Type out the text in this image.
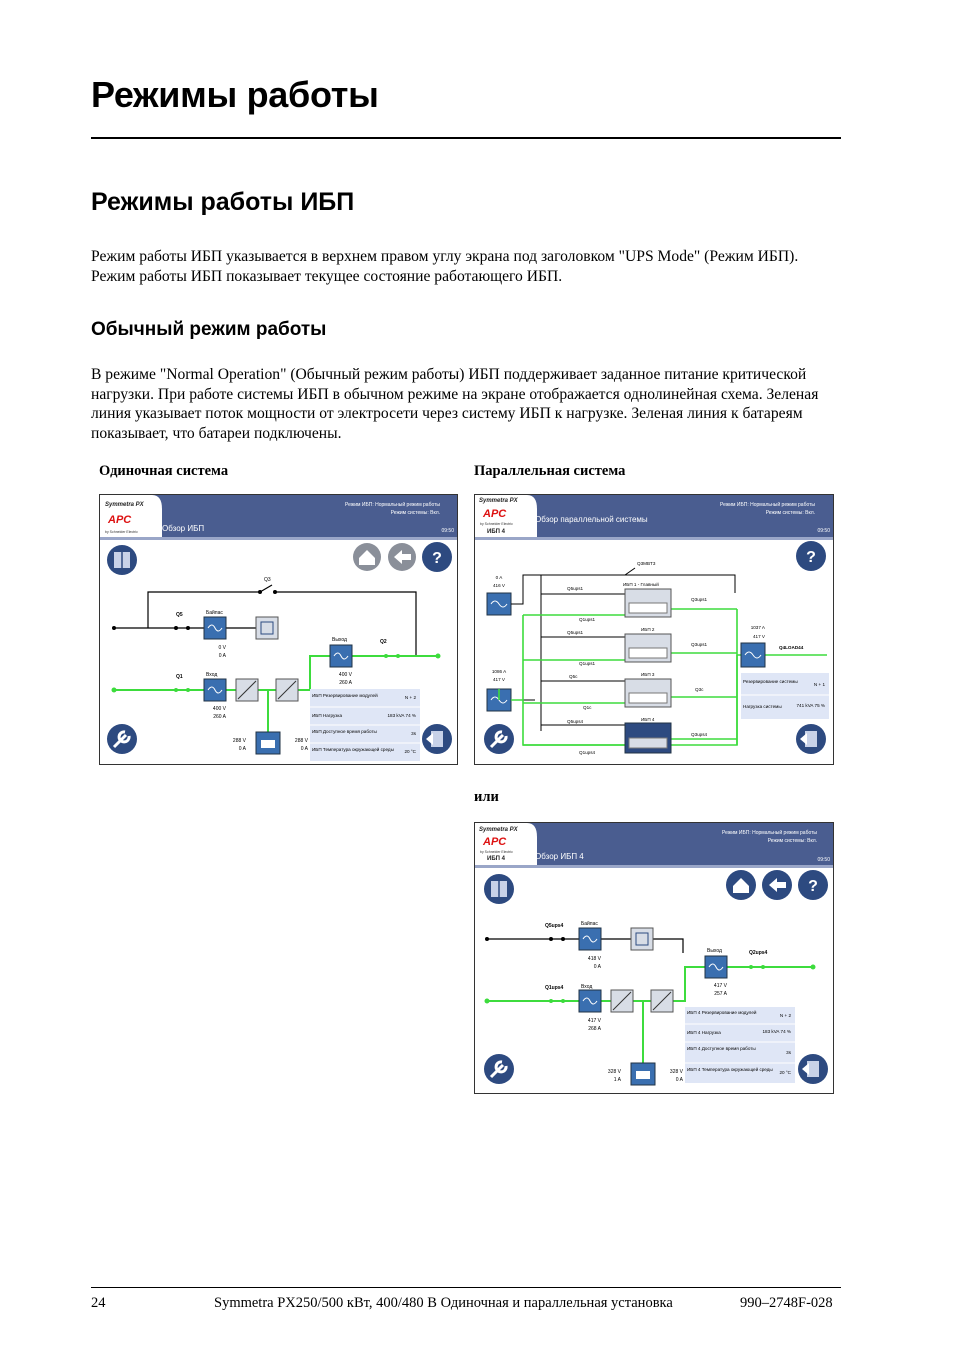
Режимы работы
Режимы работы ИБП

Режим работы ИБП указывается в верхнем правом углу экрана под заголовком "UPS Mode" (Режим ИБП). Режим работы ИБП показывает текущее состояние работающего ИБП.

Обычный режим работы

В режиме "Normal Operation" (Обычный режим работы) ИБП поддерживает заданное питание критической нагрузки. При работе системы ИБП в обычном режиме на экране отображается однолинейная схема. Зеленая линия указывает поток мощности от электросети через систему ИБП к нагрузке. Зеленая линия к батареям показывает, что батареи подключены.

Одиночная система	Параллельная система
или
Symmetra PX
APC
by Schneider Electric	Обзор ИБП
Режим ИБП: Нормальный режим работы
Режим системы: Вкл.
09:50
?
Q3
Q5
Q2
Q1
Байпас
0 V
0 A
Выход
400 V
260 A
Вход
400 V
260 A
288 V
0 A
288 V
0 A
ИБП Резервирование модулей	N + 2
ИБП Нагрузка	183 kVA 74 %
ИБП Доступное время работы	3s
ИБП Температура окружающей среды 20 °C
Symmetra PX
APC
by Schneider Electric
ИБП 4
Обзор параллельной системы
Режим ИБП: Нормальный режим работы
Режим системы: Вкл.
09:50
?
Q3MBT3
0 A
416 V
1086 A
417 V
ИБП 1 - Главный
Q5ups1
Q1ups1
Q3ups1
ИБП 2
Q5ups1
Q1ups1
Q3ups1
ИБП 3
Q5c
Q1c
Q3c
ИБП 4
Q5ups4
Q1ups4
Q3ups4
1037 A
417 V
Q4LOAD44
Резервирование системы
N + 1
Нагрузка системы	741 kVA 75 %
Symmetra PX
APC
by Schneider Electric
ИБП 4	Обзор ИБП 4
Режим ИБП: Нормальный режим работы
Режим системы: Вкл.
09:50
?
Q5ups4
Q1ups4
Q2ups4
Байпас
418 V
0 A
Вход
417 V
268 A
Выход
417 V
257 A
328 V
1 A
328 V
0 A
ИБП 4 Резервирование модулей
N + 2
ИБП 4 Нагрузка	183 kVA 74 %
ИБП 4 Доступное время работы
3s
ИБП 4 Температура окружающей среды
20 °C
24	Symmetra PX250/500 кВт, 400/480 В Одиночная и параллельная установка	990–2748F-028
